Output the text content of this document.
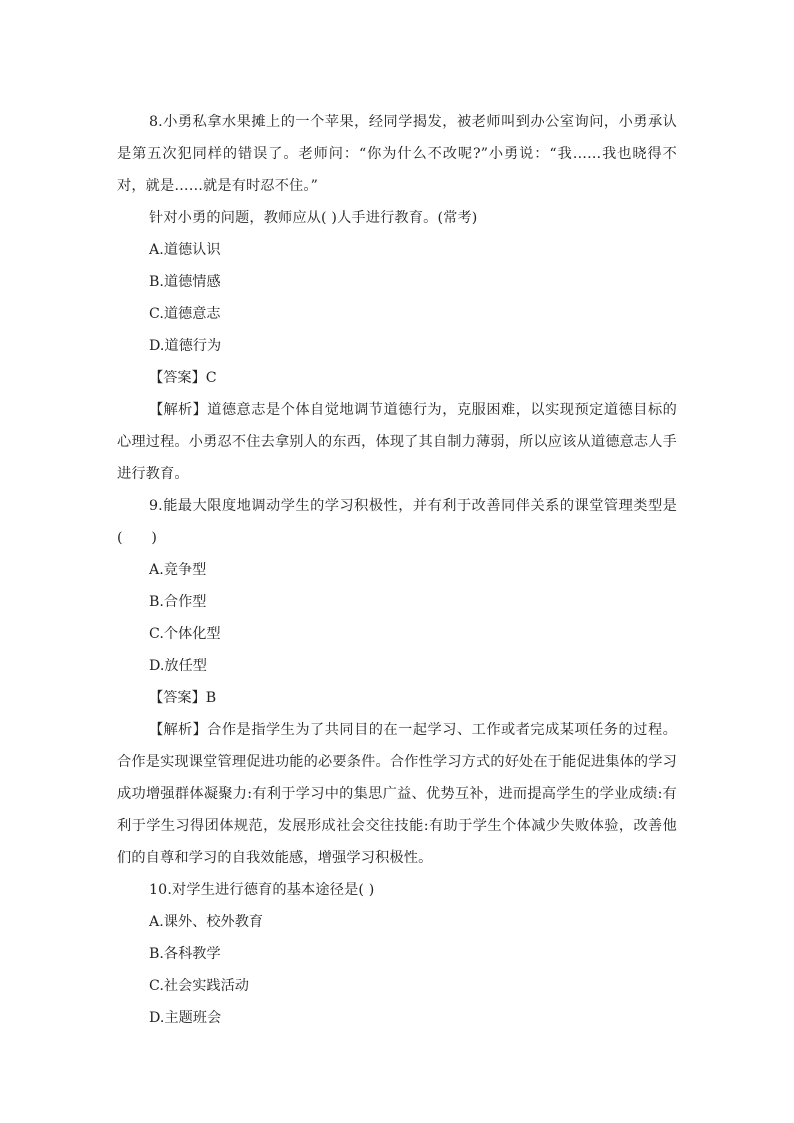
8.小勇私拿水果摊上的一个苹果，经同学揭发，被老师叫到办公室询问，小勇承认是第五次犯同样的错误了。老师问：“你为什么不改呢?”小勇说：“我……我也晓得不对，就是……就是有时忍不住。”

针对小勇的问题，教师应从( )人手进行教育。(常考)

A.道德认识

B.道德情感

C.道德意志

D.道德行为

【答案】C

【解析】道德意志是个体自觉地调节道德行为，克服困难，以实现预定道德目标的心理过程。小勇忍不住去拿别人的东西，体现了其自制力薄弱，所以应该从道德意志人手进行教育。

9.能最大限度地调动学生的学习积极性，并有利于改善同伴关系的课堂管理类型是(　　)

A.竞争型

B.合作型

C.个体化型

D.放任型

【答案】B

【解析】合作是指学生为了共同目的在一起学习、工作或者完成某项任务的过程。合作是实现课堂管理促进功能的必要条件。合作性学习方式的好处在于能促进集体的学习成功增强群体凝聚力:有利于学习中的集思广益、优势互补，进而提高学生的学业成绩:有利于学生习得团体规范，发展形成社会交往技能:有助于学生个体减少失败体验，改善他们的自尊和学习的自我效能感，增强学习积极性。

10.对学生进行德育的基本途径是( )

A.课外、校外教育

B.各科教学

C.社会实践活动

D.主题班会
